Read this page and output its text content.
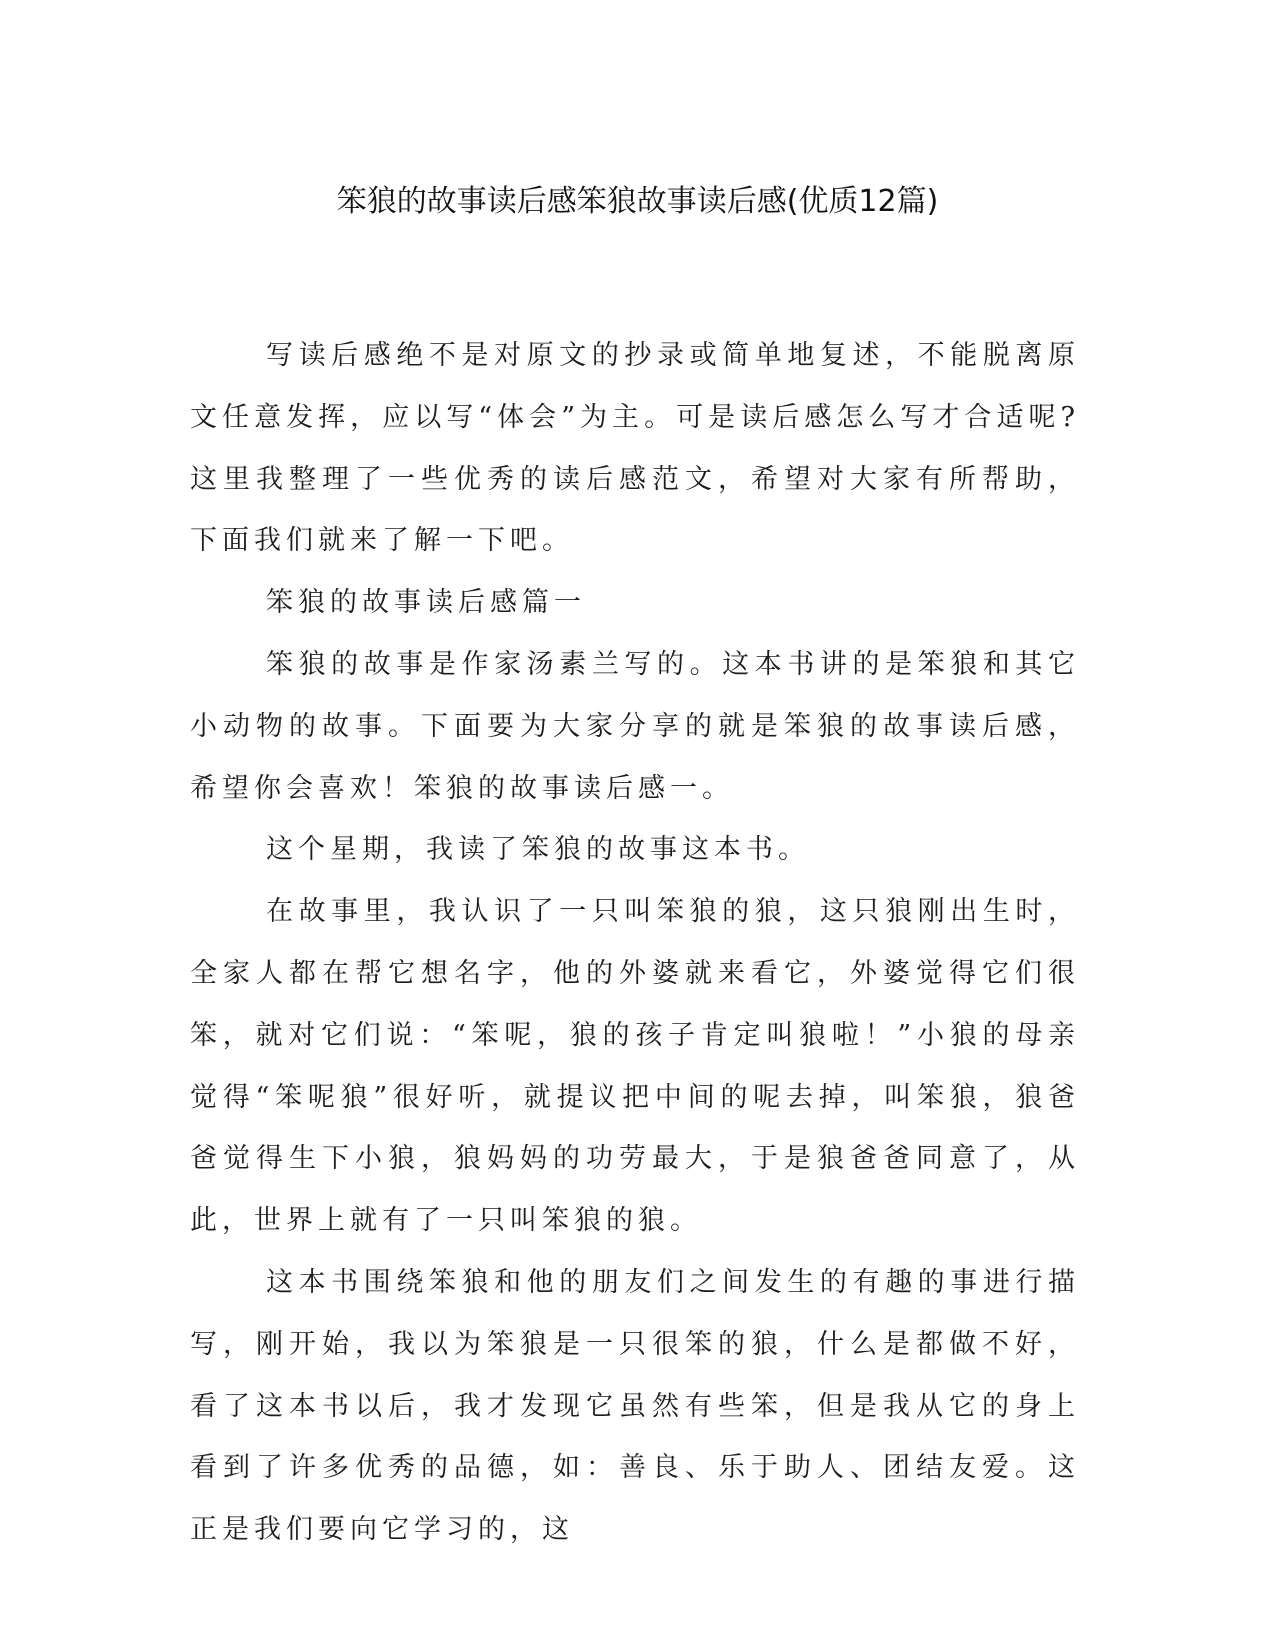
笨狼的故事读后感笨狼故事读后感(优质12篇)

写读后感绝不是对原文的抄录或简单地复述，不能脱离原文任意发挥，应以写“体会”为主。可是读后感怎么写才合适呢?这里我整理了一些优秀的读后感范文，希望对大家有所帮助，下面我们就来了解一下吧。

笨狼的故事读后感篇一

笨狼的故事是作家汤素兰写的。这本书讲的是笨狼和其它小动物的故事。下面要为大家分享的就是笨狼的故事读后感，希望你会喜欢！笨狼的故事读后感一。

这个星期，我读了笨狼的故事这本书。

在故事里，我认识了一只叫笨狼的狼，这只狼刚出生时，全家人都在帮它想名字，他的外婆就来看它，外婆觉得它们很笨，就对它们说：“笨呢，狼的孩子肯定叫狼啦！”小狼的母亲觉得“笨呢狼”很好听，就提议把中间的呢去掉，叫笨狼，狼爸爸觉得生下小狼，狼妈妈的功劳最大，于是狼爸爸同意了，从此，世界上就有了一只叫笨狼的狼。

这本书围绕笨狼和他的朋友们之间发生的有趣的事进行描写，刚开始，我以为笨狼是一只很笨的狼，什么是都做不好，看了这本书以后，我才发现它虽然有些笨，但是我从它的身上看到了许多优秀的品德，如：善良、乐于助人、团结友爱。这正是我们要向它学习的，这
